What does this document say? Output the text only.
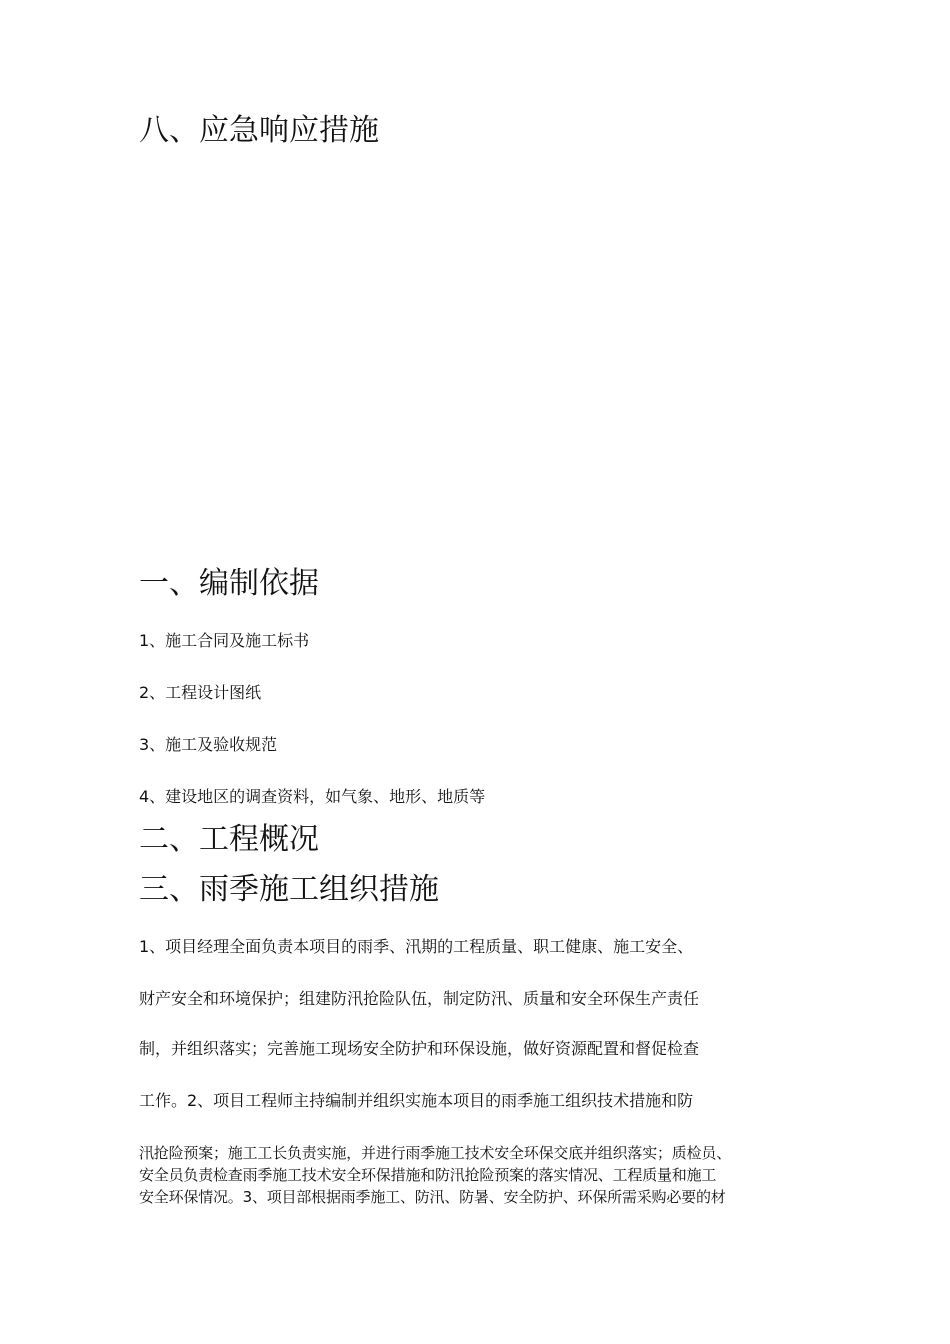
八、应急响应措施
一、编制依据
1、施工合同及施工标书
2、工程设计图纸
3、施工及验收规范
4、建设地区的调查资料，如气象、地形、地质等
二、工程概况
三、雨季施工组织措施
1、项目经理全面负责本项目的雨季、汛期的工程质量、职工健康、施工安全、
财产安全和环境保护；组建防汛抢险队伍，制定防汛、质量和安全环保生产责任
制，并组织落实；完善施工现场安全防护和环保设施，做好资源配置和督促检查
工作。2、项目工程师主持编制并组织实施本项目的雨季施工组织技术措施和防
汛抢险预案；施工工长负责实施，并进行雨季施工技术安全环保交底并组织落实；质检员、
安全员负责检查雨季施工技术安全环保措施和防汛抢险预案的落实情况、工程质量和施工
安全环保情况。3、项目部根据雨季施工、防汛、防暑、安全防护、环保所需采购必要的材
